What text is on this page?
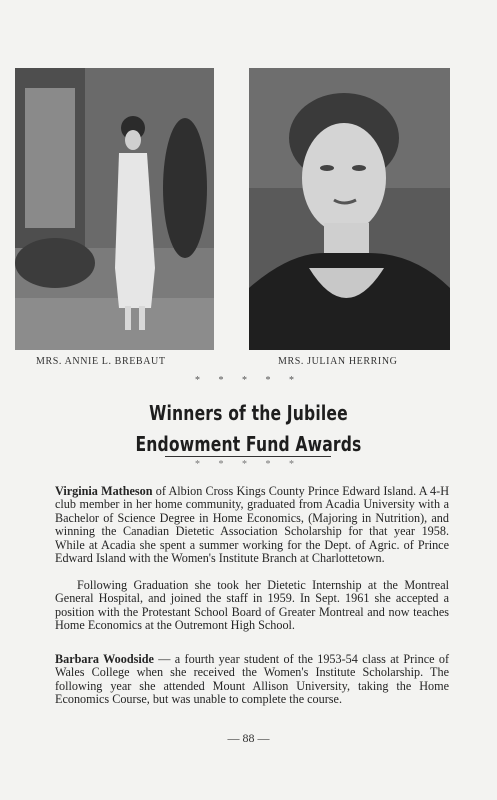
MRS. ANNIE L. BREBAUT	MRS. JULIAN HERRING
* * * * *
Winners of the Jubilee
Endowment Fund Awards
* * * * *

Virginia Matheson of Albion Cross Kings County Prince Edward Island. A 4-H club member in her home community, graduated from Acadia University with a Bachelor of Science Degree in Home Economics, (Majoring in Nutrition), and winning the Canadian Dietetic Association Scholarship for that year 1958. While at Acadia she spent a summer working for the Dept. of Agric. of Prince Edward Island with the Women's Institute Branch at Charlottetown.

Following Graduation she took her Dietetic Internship at the Montreal General Hospital, and joined the staff in 1959. In Sept. 1961 she accepted a position with the Protestant School Board of Greater Montreal and now teaches Home Economics at the Outremont High School.

Barbara Woodside — a fourth year student of the 1953-54 class at Prince of Wales College when she received the Women's Institute Scholarship. The following year she attended Mount Allison University, taking the Home Economics Course, but was unable to complete the course.

— 88 —
